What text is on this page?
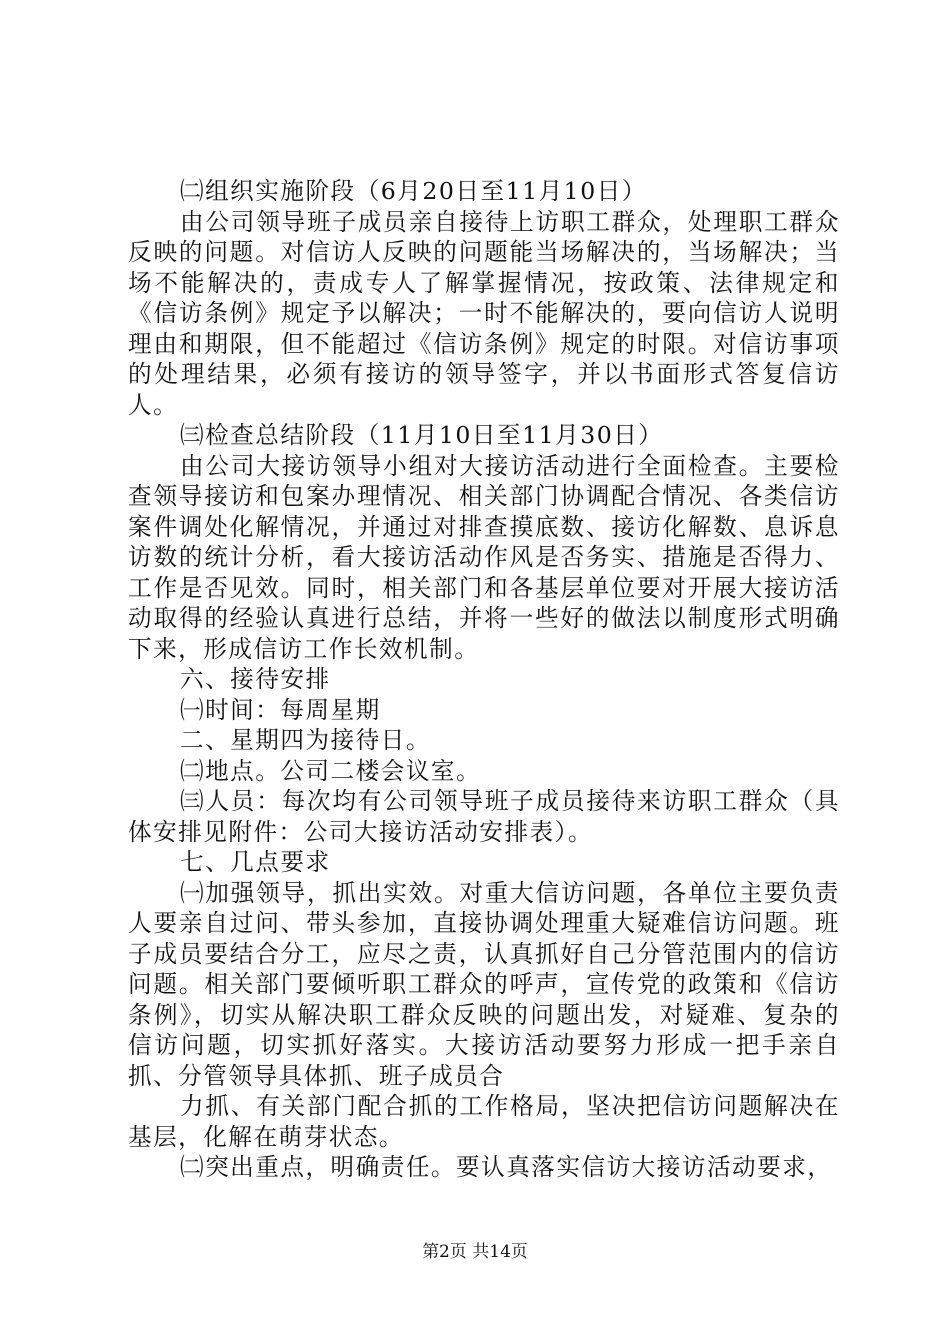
㈡组织实施阶段（6月20日至11月10日）

由公司领导班子成员亲自接待上访职工群众，处理职工群众反映的问题。对信访人反映的问题能当场解决的，当场解决；当场不能解决的，责成专人了解掌握情况，按政策、法律规定和《信访条例》规定予以解决；一时不能解决的，要向信访人说明理由和期限，但不能超过《信访条例》规定的时限。对信访事项的处理结果，必须有接访的领导签字，并以书面形式答复信访人。

㈢检查总结阶段（11月10日至11月30日）

由公司大接访领导小组对大接访活动进行全面检查。主要检查领导接访和包案办理情况、相关部门协调配合情况、各类信访案件调处化解情况，并通过对排查摸底数、接访化解数、息诉息访数的统计分析，看大接访活动作风是否务实、措施是否得力、工作是否见效。同时，相关部门和各基层单位要对开展大接访活动取得的经验认真进行总结，并将一些好的做法以制度形式明确下来，形成信访工作长效机制。

六、接待安排

㈠时间：每周星期

二、星期四为接待日。

㈡地点。公司二楼会议室。

㈢人员：每次均有公司领导班子成员接待来访职工群众（具体安排见附件：公司大接访活动安排表）。

七、几点要求

㈠加强领导，抓出实效。对重大信访问题，各单位主要负责人要亲自过问、带头参加，直接协调处理重大疑难信访问题。班子成员要结合分工，应尽之责，认真抓好自己分管范围内的信访问题。相关部门要倾听职工群众的呼声，宣传党的政策和《信访条例》，切实从解决职工群众反映的问题出发，对疑难、复杂的信访问题，切实抓好落实。大接访活动要努力形成一把手亲自抓、分管领导具体抓、班子成员合

力抓、有关部门配合抓的工作格局，坚决把信访问题解决在基层，化解在萌芽状态。

㈡突出重点，明确责任。要认真落实信访大接访活动要求，

第2页 共14页
